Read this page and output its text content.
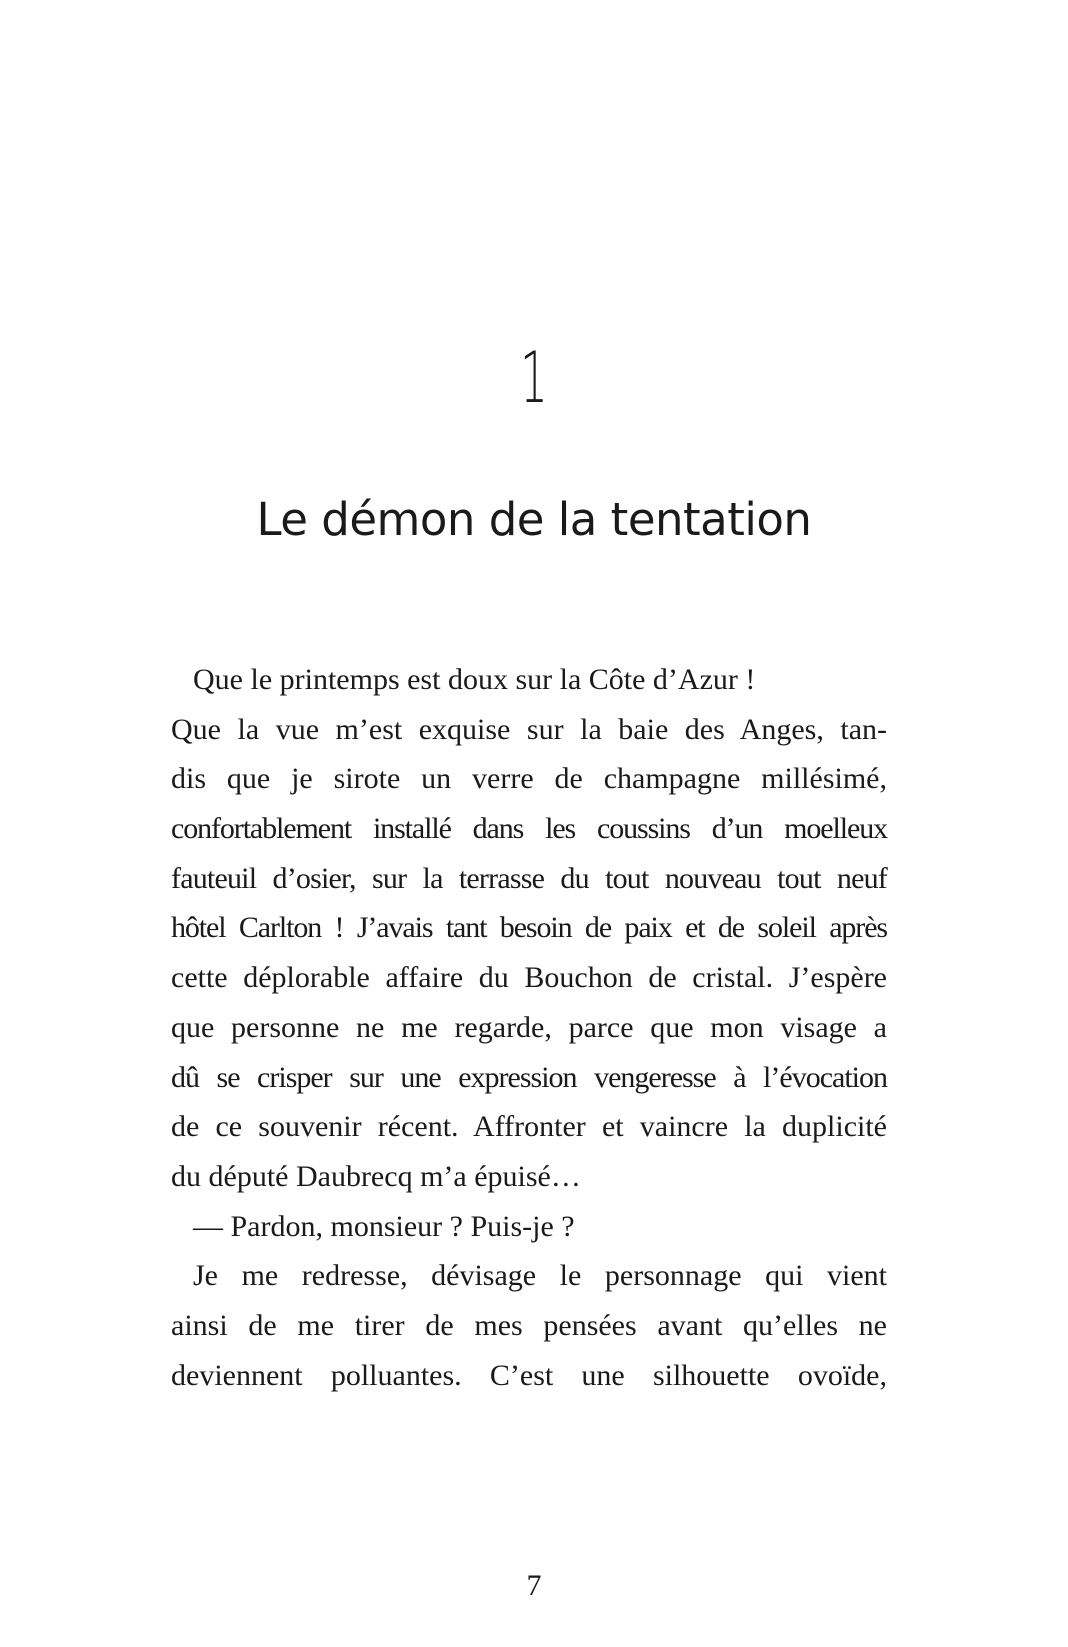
1
Le démon de la tentation
Que le printemps est doux sur la Côte d’Azur !
Que la vue m’est exquise sur la baie des Anges, tan-
dis que je sirote un verre de champagne millésimé,
confortablement installé dans les coussins d’un moelleux
fauteuil d’osier, sur la terrasse du tout nouveau tout neuf
hôtel Carlton ! J’avais tant besoin de paix et de soleil après
cette déplorable affaire du Bouchon de cristal. J’espère
que personne ne me regarde, parce que mon visage a
dû se crisper sur une expression vengeresse à l’évocation
de ce souvenir récent. Affronter et vaincre la duplicité
du député Daubrecq m’a épuisé…
— Pardon, monsieur ? Puis-je ?
Je me redresse, dévisage le personnage qui vient
ainsi de me tirer de mes pensées avant qu’elles ne
deviennent polluantes. C’est une silhouette ovoïde,
7
